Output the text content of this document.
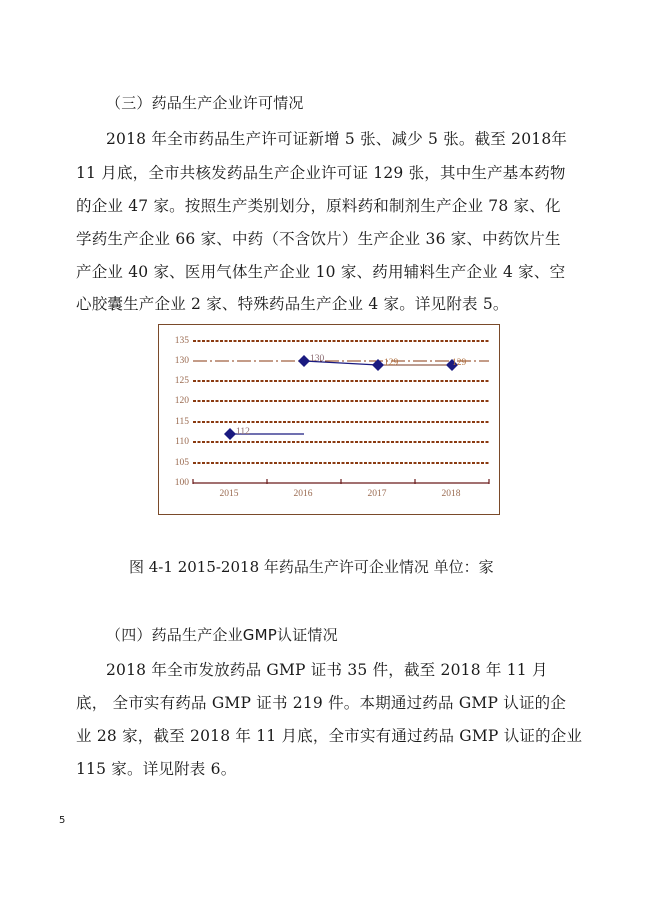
（三）药品生产企业许可情况
2018 年全市药品生产许可证新增 5 张、减少 5 张。截至 2018年
11 月底，全市共核发药品生产企业许可证 129 张，其中生产基本药物
的企业 47 家。按照生产类别划分，原料药和制剂生产企业 78 家、化
学药生产企业 66 家、中药（不含饮片）生产企业 36 家、中药饮片生
产企业 40 家、医用气体生产企业 10 家、药用辅料生产企业 4 家、空
心胶囊生产企业 2 家、特殊药品生产企业 4 家。详见附表 5。
135
130
125
120
115
110
105
100
112
130	129	129
2015	2016	2017	2018
图 4-1 2015-2018 年药品生产许可企业情况 单位：家
（四）药品生产企业GMP认证情况
2018 年全市发放药品 GMP 证书 35 件，截至 2018 年 11 月
底， 全市实有药品 GMP 证书 219 件。本期通过药品 GMP 认证的企
业 28 家，截至 2018 年 11 月底，全市实有通过药品 GMP 认证的企业
115 家。详见附表 6。
5
